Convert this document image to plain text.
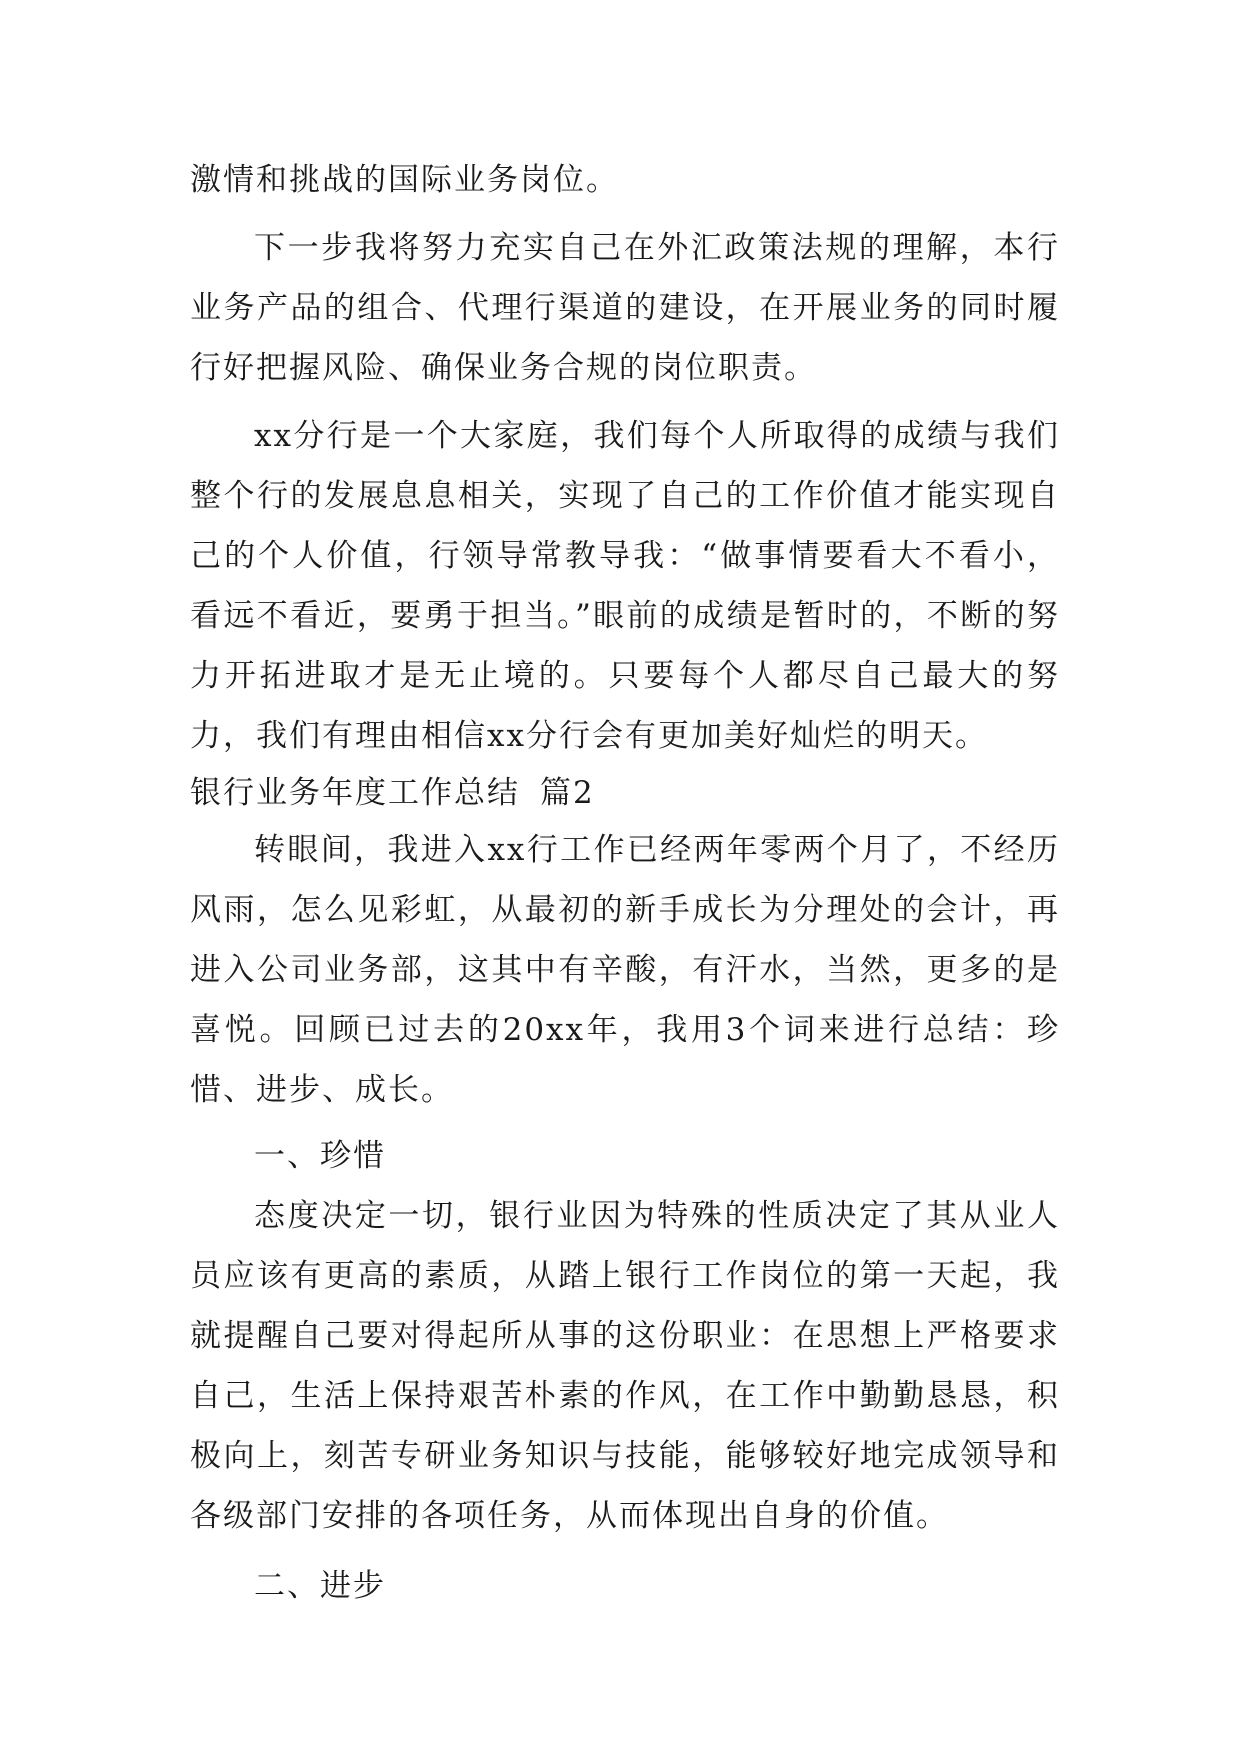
激情和挑战的国际业务岗位。

下一步我将努力充实自己在外汇政策法规的理解，本行业务产品的组合、代理行渠道的建设，在开展业务的同时履行好把握风险、确保业务合规的岗位职责。

xx分行是一个大家庭，我们每个人所取得的成绩与我们整个行的发展息息相关，实现了自己的工作价值才能实现自己的个人价值，行领导常教导我：“做事情要看大不看小，看远不看近，要勇于担当。”眼前的成绩是暂时的，不断的努力开拓进取才是无止境的。只要每个人都尽自己最大的努力，我们有理由相信xx分行会有更加美好灿烂的明天。

银行业务年度工作总结 篇2

转眼间，我进入xx行工作已经两年零两个月了，不经历风雨，怎么见彩虹，从最初的新手成长为分理处的会计，再进入公司业务部，这其中有辛酸，有汗水，当然，更多的是喜悦。回顾已过去的20xx年，我用3个词来进行总结：珍惜、进步、成长。

一、珍惜

态度决定一切，银行业因为特殊的性质决定了其从业人员应该有更高的素质，从踏上银行工作岗位的第一天起，我就提醒自己要对得起所从事的这份职业：在思想上严格要求自己，生活上保持艰苦朴素的作风，在工作中勤勤恳恳，积极向上，刻苦专研业务知识与技能，能够较好地完成领导和各级部门安排的各项任务，从而体现出自身的价值。

二、进步
